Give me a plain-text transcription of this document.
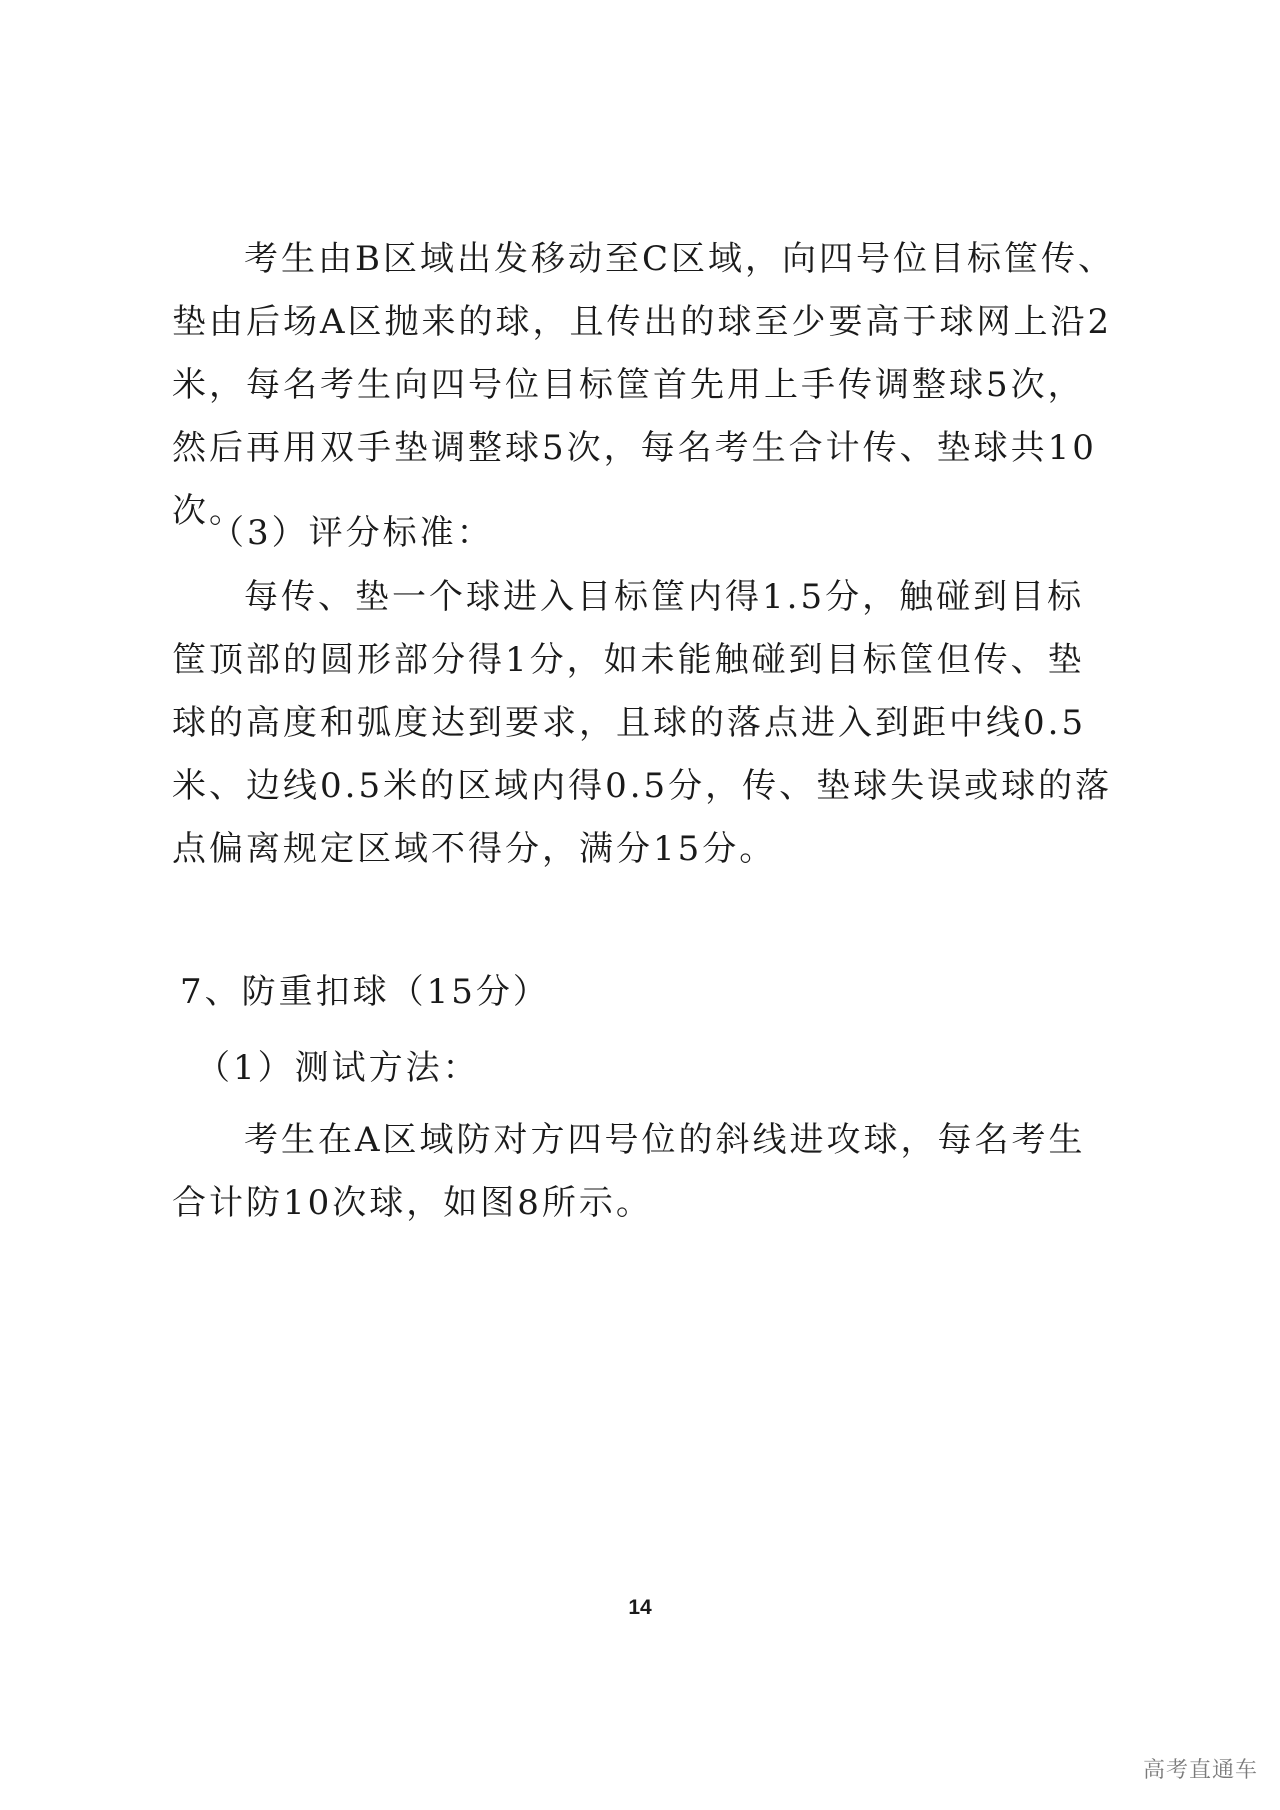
考生由B区域出发移动至C区域，向四号位目标筐传、垫由后场A区抛来的球，且传出的球至少要高于球网上沿2米，每名考生向四号位目标筐首先用上手传调整球5次，然后再用双手垫调整球5次，每名考生合计传、垫球共10次。

（3）评分标准：

每传、垫一个球进入目标筐内得1.5分，触碰到目标筐顶部的圆形部分得1分，如未能触碰到目标筐但传、垫球的高度和弧度达到要求，且球的落点进入到距中线0.5米、边线0.5米的区域内得0.5分，传、垫球失误或球的落点偏离规定区域不得分，满分15分。

7、防重扣球（15分）

（1）测试方法：

考生在A区域防对方四号位的斜线进攻球，每名考生合计防10次球，如图8所示。

14
高考直通车
